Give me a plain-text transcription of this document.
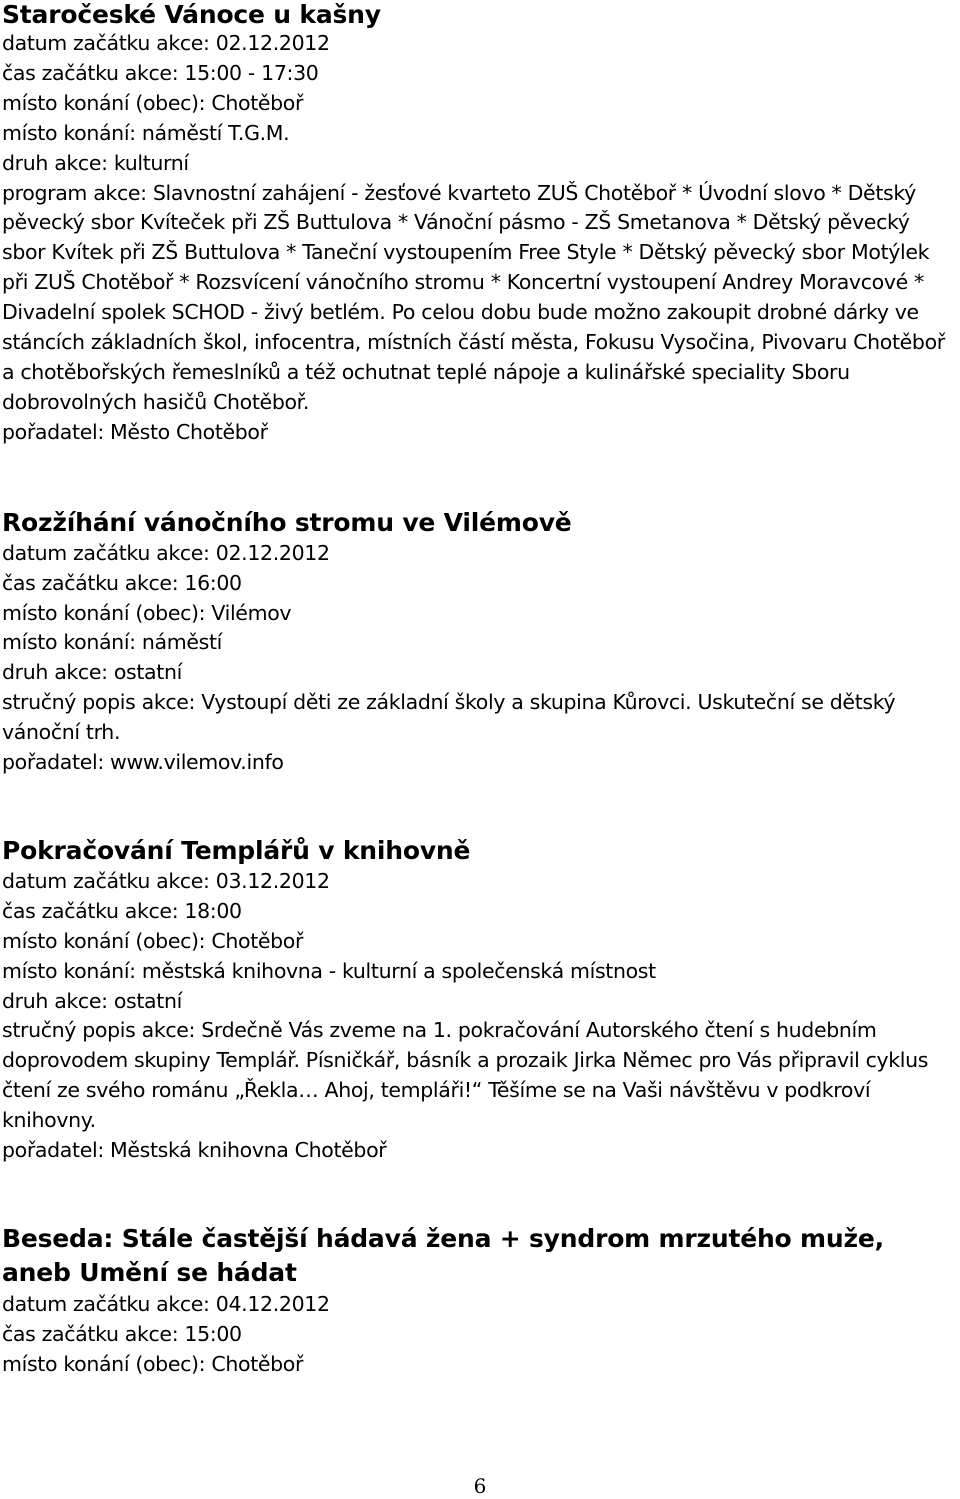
Staročeské Vánoce u kašny

datum začátku akce: 02.12.2012

čas začátku akce: 15:00 - 17:30

místo konání (obec): Chotěboř

místo konání: náměstí T.G.M.

druh akce: kulturní

program akce: Slavnostní zahájení - žesťové kvarteto ZUŠ Chotěboř * Úvodní slovo * Dětský pěvecký sbor Kvíteček při ZŠ Buttulova * Vánoční pásmo - ZŠ Smetanova * Dětský pěvecký sbor Kvítek při ZŠ Buttulova * Taneční vystoupením Free Style * Dětský pěvecký sbor Motýlek při ZUŠ Chotěboř * Rozsvícení vánočního stromu * Koncertní vystoupení Andrey Moravcové * Divadelní spolek SCHOD - živý betlém. Po celou dobu bude možno zakoupit drobné dárky ve stáncích základních škol, infocentra, místních částí města, Fokusu Vysočina, Pivovaru Chotěboř a chotěbořských řemeslníků a též ochutnat teplé nápoje a kulinářské speciality Sboru dobrovolných hasičů Chotěboř.

pořadatel: Město Chotěboř

Rozžíhání vánočního stromu ve Vilémově

datum začátku akce: 02.12.2012

čas začátku akce: 16:00

místo konání (obec): Vilémov

místo konání: náměstí

druh akce: ostatní

stručný popis akce: Vystoupí děti ze základní školy a skupina Kůrovci. Uskuteční se dětský vánoční trh.

pořadatel: www.vilemov.info

Pokračování Templářů v knihovně

datum začátku akce: 03.12.2012

čas začátku akce: 18:00

místo konání (obec): Chotěboř

místo konání: městská knihovna - kulturní a společenská místnost

druh akce: ostatní

stručný popis akce: Srdečně Vás zveme na 1. pokračování Autorského čtení s hudebním doprovodem skupiny Templář. Písničkář, básník a prozaik Jirka Němec pro Vás připravil cyklus čtení ze svého románu „Řekla… Ahoj, templáři!“ Těšíme se na Vaši návštěvu v podkroví knihovny.

pořadatel: Městská knihovna Chotěboř

Beseda: Stále častější hádavá žena + syndrom mrzutého muže, aneb Umění se hádat

datum začátku akce: 04.12.2012

čas začátku akce: 15:00

místo konání (obec): Chotěboř

6
